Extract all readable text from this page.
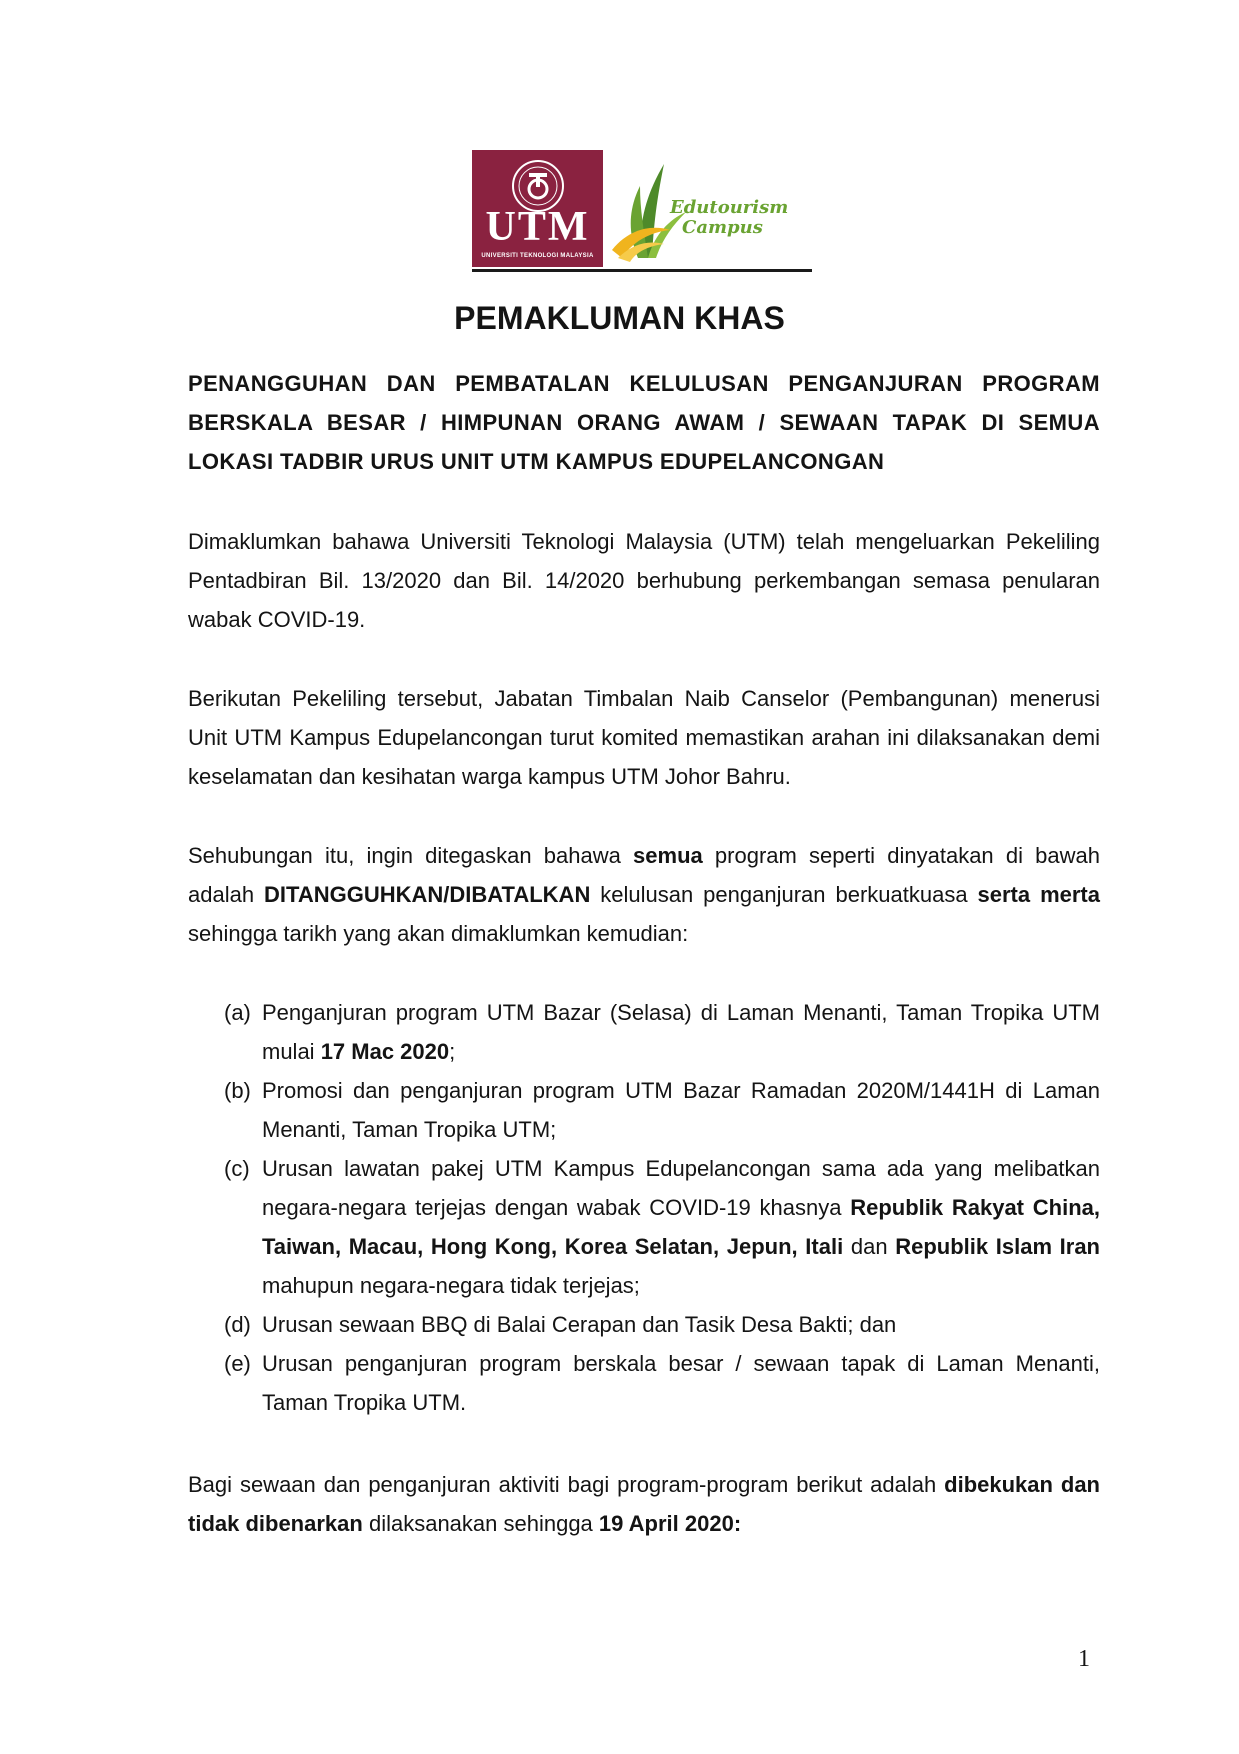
UTM
UNIVERSITI TEKNOLOGI MALAYSIA
Edutourism
Campus
PEMAKLUMAN KHAS
PENANGGUHAN DAN PEMBATALAN KELULUSAN PENGANJURAN PROGRAM BERSKALA BESAR / HIMPUNAN ORANG AWAM / SEWAAN TAPAK DI SEMUA LOKASI TADBIR URUS UNIT UTM KAMPUS EDUPELANCONGAN

Dimaklumkan bahawa Universiti Teknologi Malaysia (UTM) telah mengeluarkan Pekeliling Pentadbiran Bil. 13/2020 dan Bil. 14/2020 berhubung perkembangan semasa penularan wabak COVID-19.

Berikutan Pekeliling tersebut, Jabatan Timbalan Naib Canselor (Pembangunan) menerusi Unit UTM Kampus Edupelancongan turut komited memastikan arahan ini dilaksanakan demi keselamatan dan kesihatan warga kampus UTM Johor Bahru.

Sehubungan itu, ingin ditegaskan bahawa semua program seperti dinyatakan di bawah adalah DITANGGUHKAN/DIBATALKAN kelulusan penganjuran berkuatkuasa serta merta sehingga tarikh yang akan dimaklumkan kemudian:

(a) Penganjuran program UTM Bazar (Selasa) di Laman Menanti, Taman Tropika UTM mulai 17 Mac 2020;
(b) Promosi dan penganjuran program UTM Bazar Ramadan 2020M/1441H di Laman Menanti, Taman Tropika UTM;
(c) Urusan lawatan pakej UTM Kampus Edupelancongan sama ada yang melibatkan negara-negara terjejas dengan wabak COVID-19 khasnya Republik Rakyat China, Taiwan, Macau, Hong Kong, Korea Selatan, Jepun, Itali dan Republik Islam Iran mahupun negara-negara tidak terjejas;
(d) Urusan sewaan BBQ di Balai Cerapan dan Tasik Desa Bakti; dan
(e) Urusan penganjuran program berskala besar / sewaan tapak di Laman Menanti, Taman Tropika UTM.

Bagi sewaan dan penganjuran aktiviti bagi program-program berikut adalah dibekukan dan tidak dibenarkan dilaksanakan sehingga 19 April 2020:

1
